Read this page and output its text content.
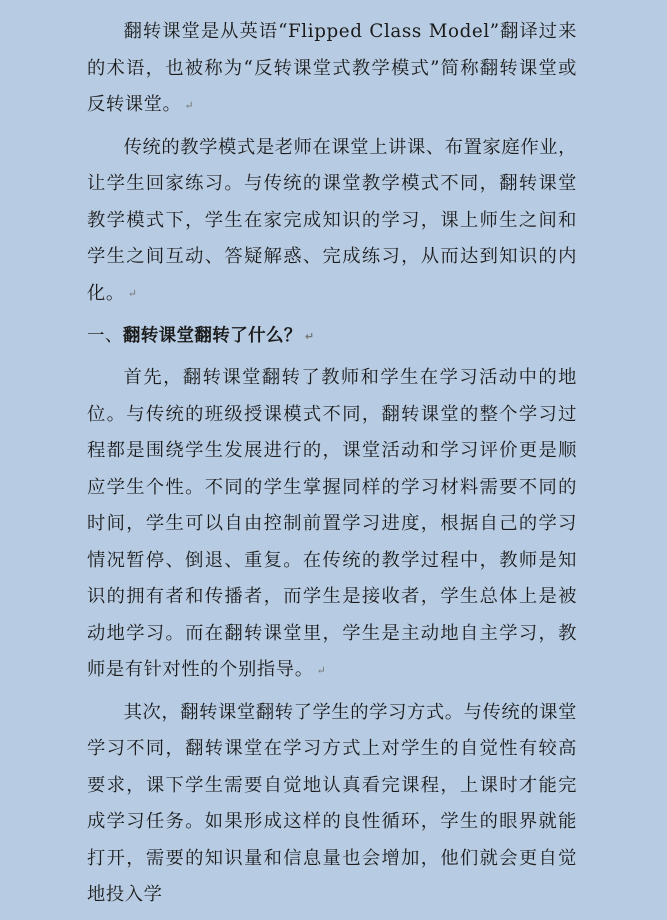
翻转课堂是从英语“Flipped Class Model”翻译过来的术语，也被称为“反转课堂式教学模式”简称翻转课堂或反转课堂。 ↵

传统的教学模式是老师在课堂上讲课、布置家庭作业，让学生回家练习。与传统的课堂教学模式不同，翻转课堂教学模式下，学生在家完成知识的学习，课上师生之间和学生之间互动、答疑解惑、完成练习，从而达到知识的内化。 ↵

一、翻转课堂翻转了什么？ ↵

首先，翻转课堂翻转了教师和学生在学习活动中的地位。与传统的班级授课模式不同，翻转课堂的整个学习过程都是围绕学生发展进行的，课堂活动和学习评价更是顺应学生个性。不同的学生掌握同样的学习材料需要不同的时间，学生可以自由控制前置学习进度，根据自己的学习情况暂停、倒退、重复。在传统的教学过程中，教师是知识的拥有者和传播者，而学生是接收者，学生总体上是被动地学习。而在翻转课堂里，学生是主动地自主学习，教师是有针对性的个别指导。 ↵

其次，翻转课堂翻转了学生的学习方式。与传统的课堂学习不同，翻转课堂在学习方式上对学生的自觉性有较高要求，课下学生需要自觉地认真看完课程，上课时才能完成学习任务。如果形成这样的良性循环，学生的眼界就能打开，需要的知识量和信息量也会增加，他们就会更自觉地投入学
